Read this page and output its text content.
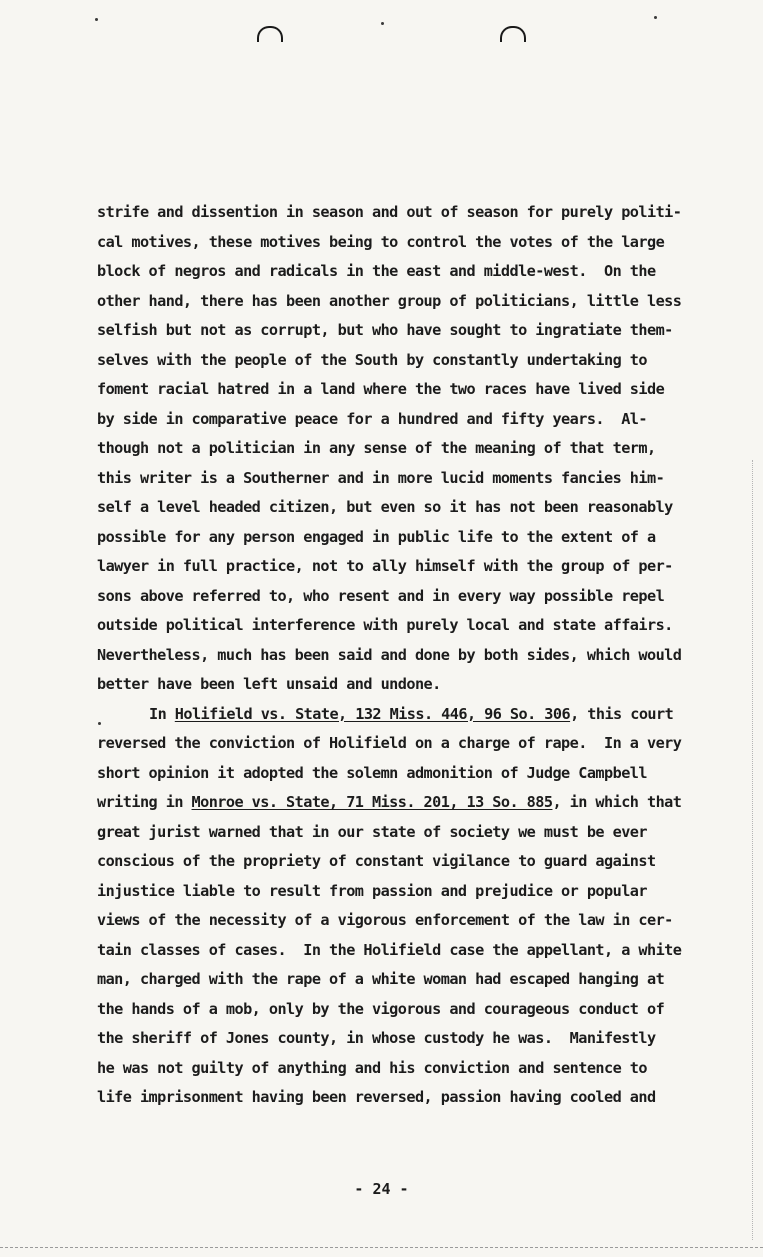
strife and dissention in season and out of season for purely politi-
cal motives, these motives being to control the votes of the large
block of negros and radicals in the east and middle-west.  On the
other hand, there has been another group of politicians, little less
selfish but not as corrupt, but who have sought to ingratiate them-
selves with the people of the South by constantly undertaking to
foment racial hatred in a land where the two races have lived side
by side in comparative peace for a hundred and fifty years.  Al-
though not a politician in any sense of the meaning of that term,
this writer is a Southerner and in more lucid moments fancies him-
self a level headed citizen, but even so it has not been reasonably
possible for any person engaged in public life to the extent of a
lawyer in full practice, not to ally himself with the group of per-
sons above referred to, who resent and in every way possible repel
outside political interference with purely local and state affairs.
Nevertheless, much has been said and done by both sides, which would
better have been left unsaid and undone.
In Holifield vs. State, 132 Miss. 446, 96 So. 306, this court
reversed the conviction of Holifield on a charge of rape.  In a very
short opinion it adopted the solemn admonition of Judge Campbell
writing in Monroe vs. State, 71 Miss. 201, 13 So. 885, in which that
great jurist warned that in our state of society we must be ever
conscious of the propriety of constant vigilance to guard against
injustice liable to result from passion and prejudice or popular
views of the necessity of a vigorous enforcement of the law in cer-
tain classes of cases.  In the Holifield case the appellant, a white
man, charged with the rape of a white woman had escaped hanging at
the hands of a mob, only by the vigorous and courageous conduct of
the sheriff of Jones county, in whose custody he was.  Manifestly
he was not guilty of anything and his conviction and sentence to
life imprisonment having been reversed, passion having cooled and
- 24 -
